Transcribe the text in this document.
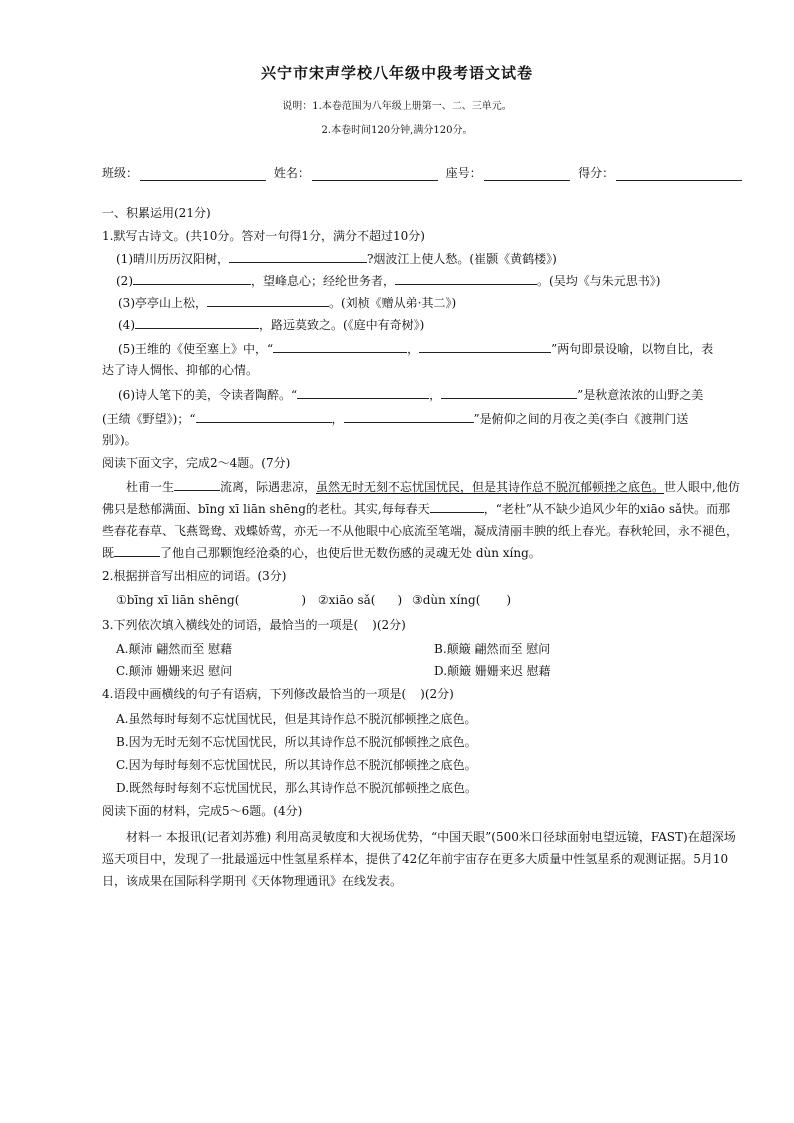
兴宁市宋声学校八年级中段考语文试卷
说明：1.本卷范围为八年级上册第一、二、三单元。
2.本卷时间120分钟,满分120分。
班级：	姓名：	座号：	得分：
一、积累运用(21分)
1.默写古诗文。(共10分。答对一句得1分，满分不超过10分)
(1)晴川历历汉阳树，	?烟波江上使人愁。(崔颢《黄鹤楼》)
(2)	，望峰息心；经纶世务者，	。(吴均《与朱元思书》)
(3)亭亭山上松，	。(刘桢《赠从弟·其二》)
(4)	，路远莫致之。(《庭中有奇树》)
(5)王维的《使至塞上》中，“	，	”两句即景设喻，以物自比，表
达了诗人惆怅、抑郁的心情。
(6)诗人笔下的美，令读者陶醉。“	，	”是秋意浓浓的山野之美
(王绩《野望》)；“	，	”是俯仰之间的月夜之美(李白《渡荆门送
别》)。
阅读下面文字，完成2～4题。(7分)
杜甫一生	流离，际遇悲凉，虽然无时无刻不忘忧国忧民，但是其诗作总不脱沉郁顿挫之底色。世人眼中,他仿佛只是愁郁满面、bīng xī liān shēng的老杜。其实,每每春天	，“老杜”从不缺少追风少年的xiāo sǎ快。而那些春花春草、飞燕鸳鸯、戏蝶娇莺，亦无一不从他眼中心底流至笔端，凝成清丽丰腴的纸上春光。春秋轮回，永不褪色，既	了他自己那颗饱经沧桑的心，也使后世无数伤感的灵魂无处 dùn xíng。
2.根据拼音写出相应的词语。(3分)
①bīng xī liān shēng(	) ②xiāo sǎ( ) ③dùn xíng( )
3.下列依次填入横线处的词语，最恰当的一项是( )(2分)
A.颠沛 翩然而至 慰藉	B.颠簸 翩然而至 慰问
C.颠沛 姗姗来迟 慰问	D.颠簸 姗姗来迟 慰藉
4.语段中画横线的句子有语病，下列修改最恰当的一项是( )(2分)
A.虽然每时每刻不忘忧国忧民，但是其诗作总不脱沉郁顿挫之底色。
B.因为无时无刻不忘忧国忧民，所以其诗作总不脱沉郁顿挫之底色。
C.因为每时每刻不忘忧国忧民，所以其诗作总不脱沉郁顿挫之底色。
D.既然每时每刻不忘忧国忧民，那么其诗作总不脱沉郁顿挫之底色。
阅读下面的材料，完成5～6题。(4分)
材料一 本报讯(记者刘苏雅) 利用高灵敏度和大视场优势，“中国天眼”(500米口径球面射电望远镜，FAST)在超深场巡天项目中，发现了一批最遥远中性氢星系样本，提供了42亿年前宇宙存在更多大质量中性氢星系的观测证据。5月10日，该成果在国际科学期刊《天体物理通讯》在线发表。
